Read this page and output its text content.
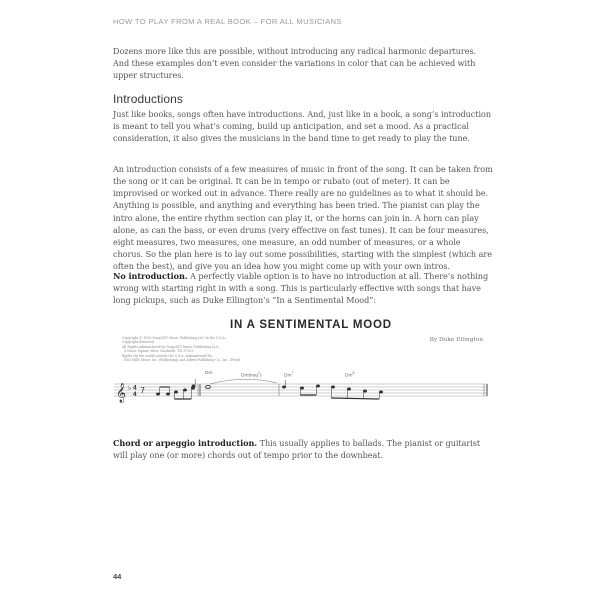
HOW TO PLAY FROM A REAL BOOK – FOR ALL MUSICIANS

Dozens more like this are possible, without introducing any radical harmonic departures. And these examples don’t even consider the variations in color that can be achieved with upper structures.

Introductions

Just like books, songs often have introductions. And, just like in a book, a song’s introduction is meant to tell you what’s coming, build up anticipation, and set a mood. As a practical consideration, it also gives the musicians in the band time to get ready to play the tune.

An introduction consists of a few measures of music in front of the song. It can be taken from the song or it can be original. It can be in tempo or rubato (out of meter). It can be improvised or worked out in advance. There really are no guidelines as to what it should be. Anything is possible, and anything and everything has been tried. The pianist can play the intro alone, the entire rhythm section can play it, or the horns can join in. A horn can play alone, as can the bass, or even drums (very effective on fast tunes). It can be four measures, eight measures, two measures, one measure, an odd number of measures, or a whole chorus. So the plan here is to lay out some possibilities, starting with the simplest (which are often the best), and give you an idea how you might come up with your own intros.

No introduction. A perfectly viable option is to have no introduction at all. There’s nothing wrong with starting right in with a song. This is particularly effective with songs that have long pickups, such as Duke Ellington’s “In a Sentimental Mood”:

IN A SENTIMENTAL MOOD
Copyright © 1935 Sony/ATV Music Publishing LLC in the U.S.A.
Copyright Renewed
All Rights Administered by Sony/ATV Music Publishing LLC,
8 Music Square West, Nashville, TN 37203
Rights for the world outside the U.S.A. Administered by
EMI Mills Music Inc. (Publishing) and Alfred Publishing Co., Inc. (Print)
By Duke Ellington
Dm
Dm(maj$^7$)	Dm$^7$
Dm$^6$
𝄞 ♭ 4
4 7

Chord or arpeggio introduction. This usually applies to ballads. The pianist or guitarist will play one (or more) chords out of tempo prior to the downbeat.

44
